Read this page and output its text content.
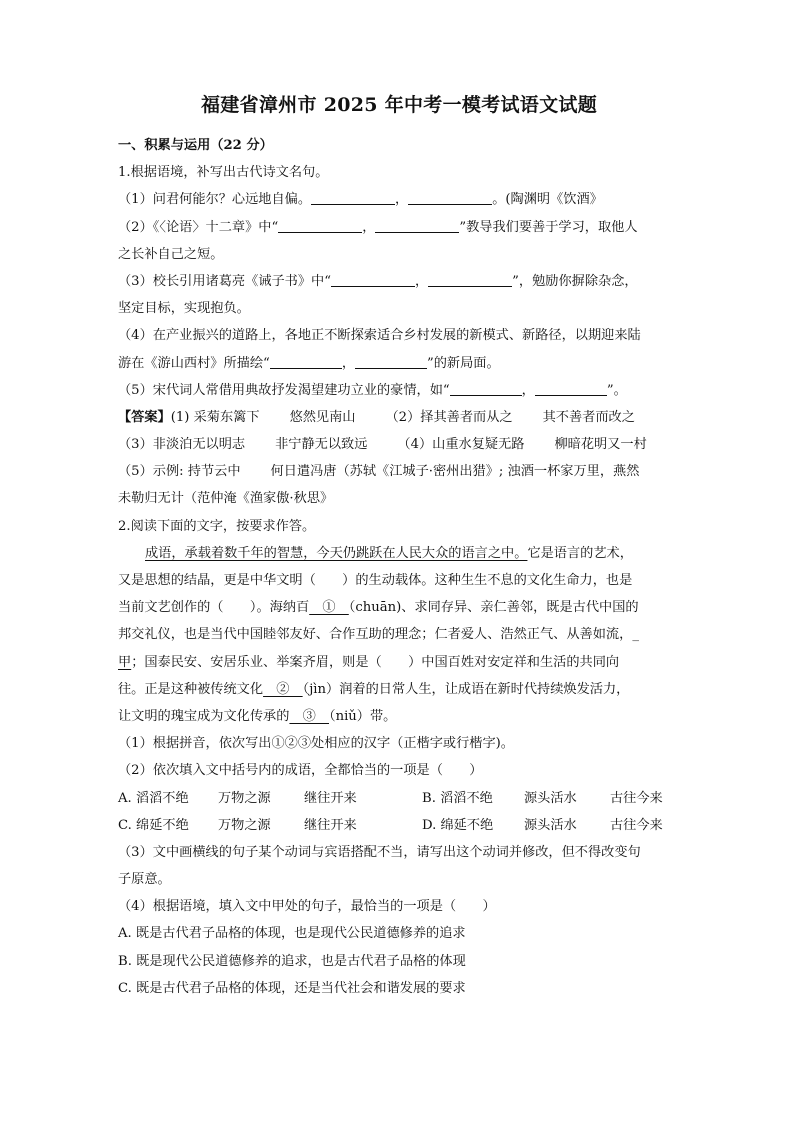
福建省漳州市 2025 年中考一模考试语文试题
一、积累与运用（22 分）
1.根据语境，补写出古代诗文名句。
（1）问君何能尔？心远地自偏。	，	。(陶渊明《饮酒》
（2）《〈论语〉十二章》中“	，	”教导我们要善于学习，取他人
之长补自己之短。
（3）校长引用诸葛亮《诫子书》中“	，	”，勉励你摒除杂念，
坚定目标，实现抱负。
（4）在产业振兴的道路上，各地正不断探索适合乡村发展的新模式、新路径，以期迎来陆
游在《游山西村》所描绘“	，	”的新局面。
（5）宋代词人常借用典故抒发渴望建功立业的豪情，如“	，	”。
【答案】(1) 采菊东篱下 悠然见南山 （2）择其善者而从之 其不善者而改之
（3）非淡泊无以明志 非宁静无以致远 （4）山重水复疑无路 柳暗花明又一村
（5）示例: 持节云中 何日遣冯唐（苏轼《江城子·密州出猎》; 浊酒一杯家万里，燕然
未勒归无计（范仲淹《渔家傲·秋思》
2.阅读下面的文字，按要求作答。
成语，承载着数千年的智慧，今天仍跳跃在人民大众的语言之中。它是语言的艺术，
又是思想的结晶，更是中华文明（　　）的生动载体。这种生生不息的文化生命力，也是
当前文艺创作的（　　）。海纳百　①　（chuān)、求同存异、亲仁善邻，既是古代中国的
邦交礼仪，也是当代中国睦邻友好、合作互助的理念；仁者爱人、浩然正气、从善如流，_
甲；国泰民安、安居乐业、举案齐眉，则是（　　）中国百姓对安定祥和生活的共同向
往。正是这种被传统文化　②　（jìn）润着的日常人生，让成语在新时代持续焕发活力，
让文明的瑰宝成为文化传承的　③　（niǔ）带。
（1）根据拼音，依次写出①②③处相应的汉字（正楷字或行楷字)。
（2）依次填入文中括号内的成语，全都恰当的一项是（　　）
A. 滔滔不绝	万物之源	继往开来	B. 滔滔不绝	源头活水	古往今来
C. 绵延不绝	万物之源	继往开来	D. 绵延不绝	源头活水	古往今来
（3）文中画横线的句子某个动词与宾语搭配不当，请写出这个动词并修改，但不得改变句
子原意。
（4）根据语境，填入文中甲处的句子，最恰当的一项是（　　）
A. 既是古代君子品格的体现，也是现代公民道德修养的追求
B. 既是现代公民道德修养的追求，也是古代君子品格的体现
C. 既是古代君子品格的体现，还是当代社会和谐发展的要求
